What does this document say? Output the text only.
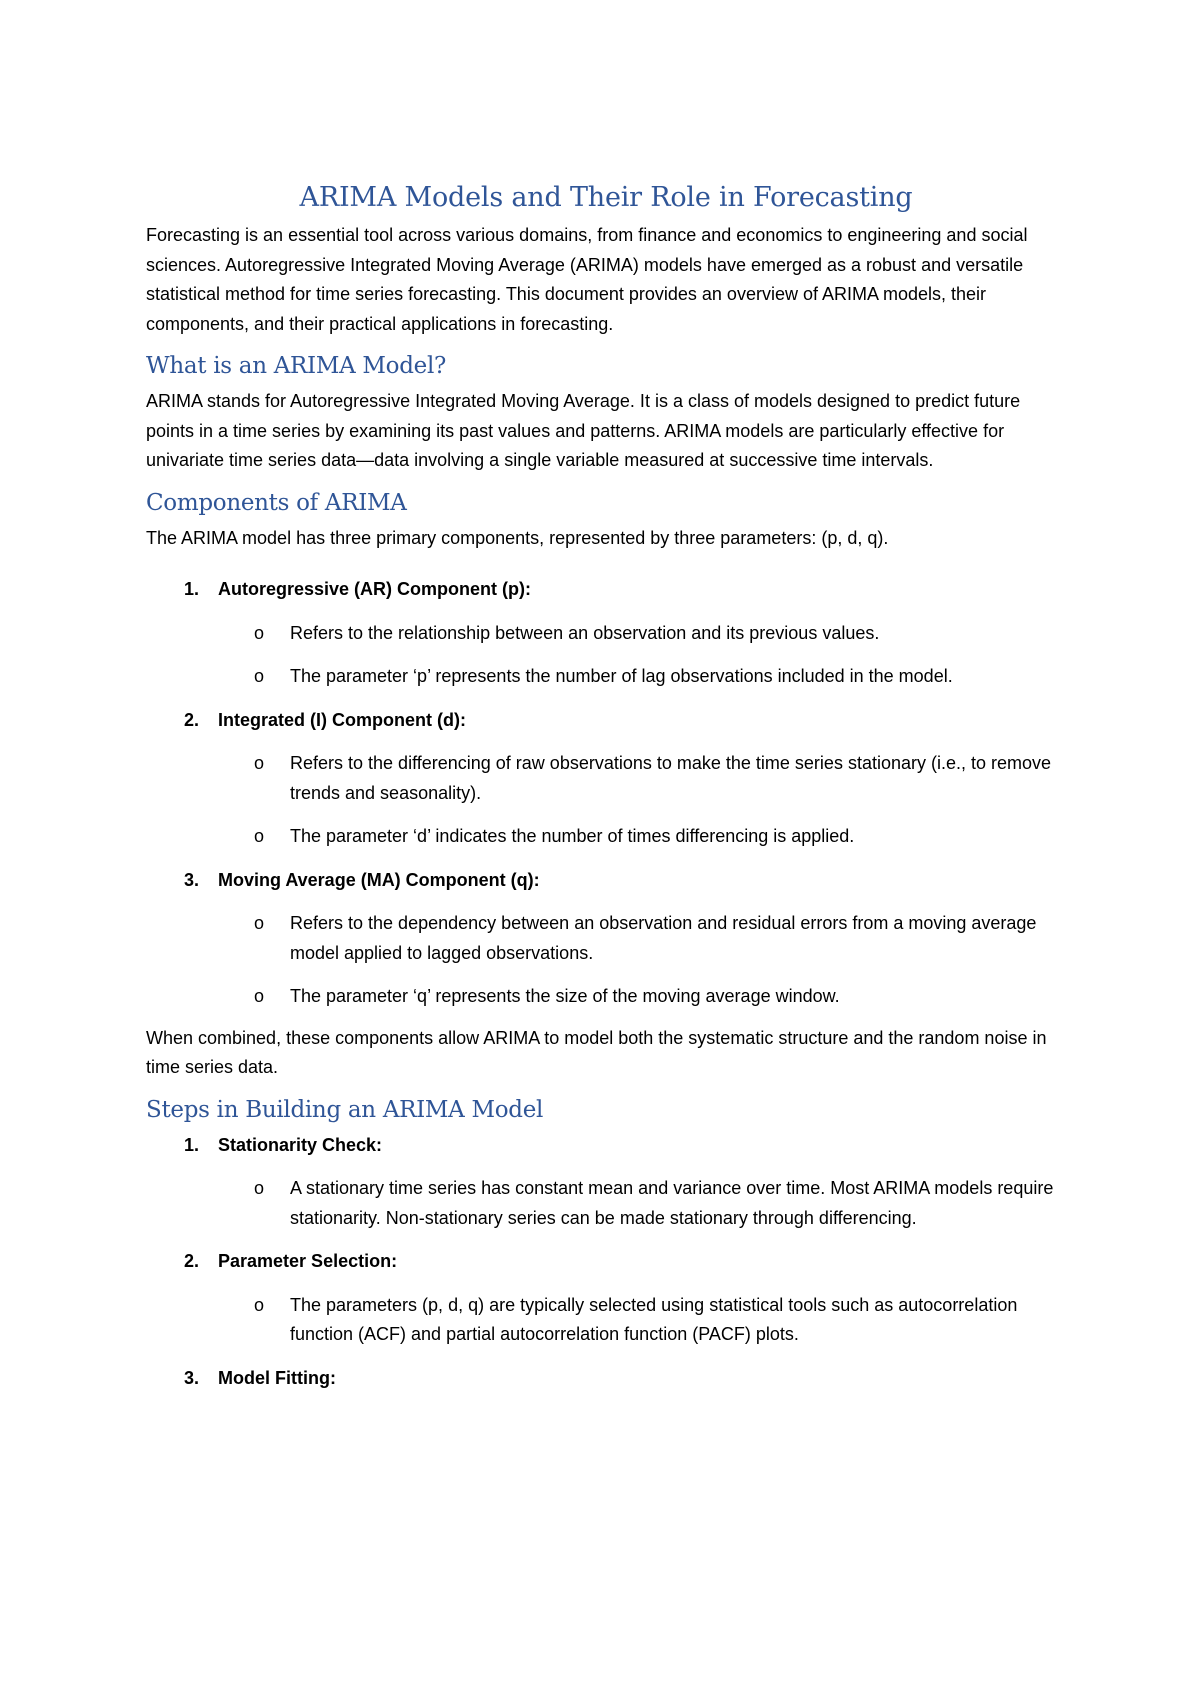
ARIMA Models and Their Role in Forecasting

Forecasting is an essential tool across various domains, from finance and economics to engineering and social sciences. Autoregressive Integrated Moving Average (ARIMA) models have emerged as a robust and versatile statistical method for time series forecasting. This document provides an overview of ARIMA models, their components, and their practical applications in forecasting.

What is an ARIMA Model?

ARIMA stands for Autoregressive Integrated Moving Average. It is a class of models designed to predict future points in a time series by examining its past values and patterns. ARIMA models are particularly effective for univariate time series data—data involving a single variable measured at successive time intervals.

Components of ARIMA

The ARIMA model has three primary components, represented by three parameters: (p, d, q).

1. Autoregressive (AR) Component (p):
o Refers to the relationship between an observation and its previous values.
o The parameter ‘p’ represents the number of lag observations included in the model.
2. Integrated (I) Component (d):
o Refers to the differencing of raw observations to make the time series stationary (i.e., to remove trends and seasonality).
o The parameter ‘d’ indicates the number of times differencing is applied.
3. Moving Average (MA) Component (q):
o Refers to the dependency between an observation and residual errors from a moving average model applied to lagged observations.
o The parameter ‘q’ represents the size of the moving average window.

When combined, these components allow ARIMA to model both the systematic structure and the random noise in time series data.

Steps in Building an ARIMA Model
1. Stationarity Check:
o A stationary time series has constant mean and variance over time. Most ARIMA models require stationarity. Non-stationary series can be made stationary through differencing.
2. Parameter Selection:
o The parameters (p, d, q) are typically selected using statistical tools such as autocorrelation function (ACF) and partial autocorrelation function (PACF) plots.
3. Model Fitting:
